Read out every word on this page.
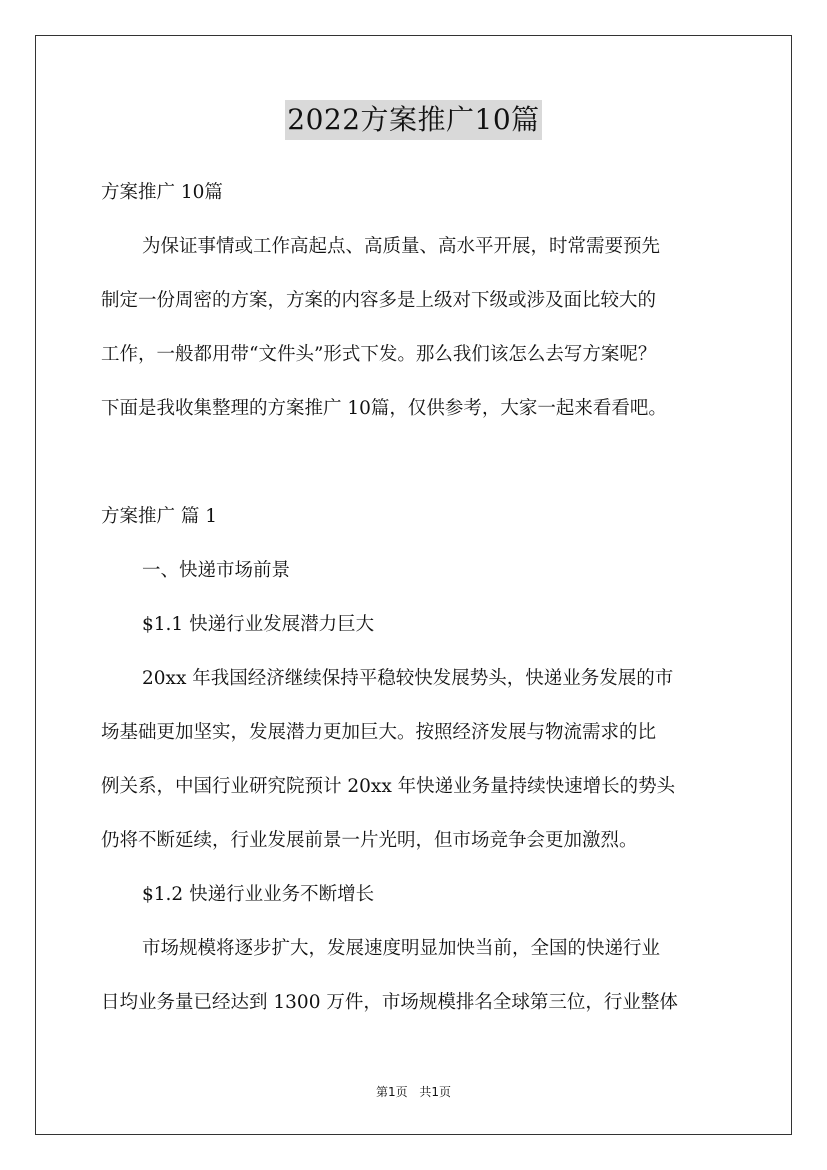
2022方案推广10篇
方案推广 10篇
为保证事情或工作高起点、高质量、高水平开展，时常需要预先
制定一份周密的方案，方案的内容多是上级对下级或涉及面比较大的
工作，一般都用带“文件头”形式下发。那么我们该怎么去写方案呢？
下面是我收集整理的方案推广 10篇，仅供参考，大家一起来看看吧。
方案推广 篇 1
一、快递市场前景
$1.1 快递行业发展潜力巨大
20xx 年我国经济继续保持平稳较快发展势头，快递业务发展的市
场基础更加坚实，发展潜力更加巨大。按照经济发展与物流需求的比
例关系，中国行业研究院预计 20xx 年快递业务量持续快速增长的势头
仍将不断延续，行业发展前景一片光明，但市场竞争会更加激烈。
$1.2 快递行业业务不断增长
市场规模将逐步扩大，发展速度明显加快当前，全国的快递行业
日均业务量已经达到 1300 万件，市场规模排名全球第三位，行业整体
第1页 共1页
